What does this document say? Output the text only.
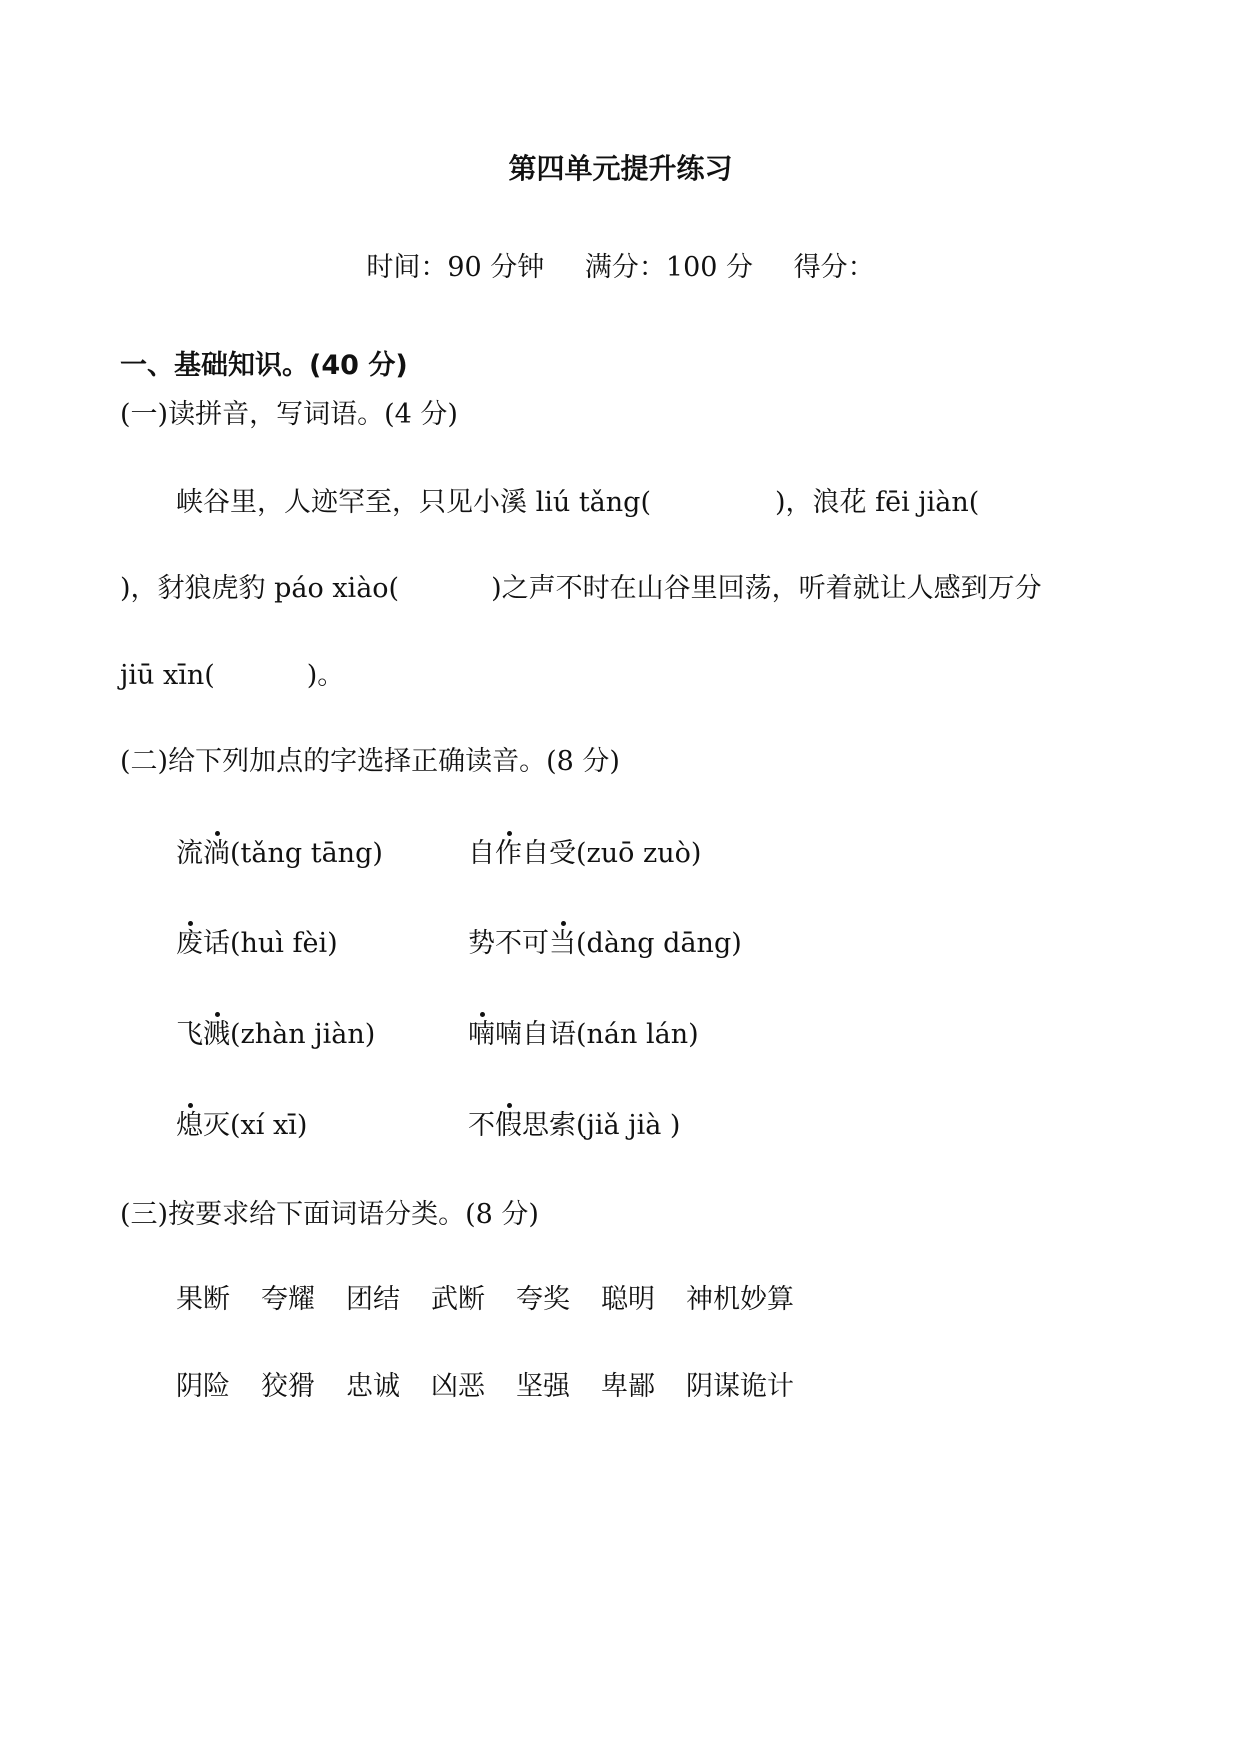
第四单元提升练习
时间：90 分钟 满分：100 分 得分：
一、基础知识。(40 分)
(一)读拼音，写词语。(4 分)
峡谷里，人迹罕至，只见小溪 liú tǎng(	)，浪花 fēi jiàn(
)，豺狼虎豹 páo xiào(	)之声不时在山谷里回荡，听着就让人感到万分
jiū xīn(	)。
(二)给下列加点的字选择正确读音。(8 分)
流淌(tǎng tāng)	自作自受(zuō zuò)
废话(huì fèi)	势不可当(dàng dāng)
飞溅(zhàn jiàn)	喃喃自语(nán lán)
熄灭(xí xī)	不假思索(jiǎ jià )
(三)按要求给下面词语分类。(8 分)
果断 夸耀 团结 武断 夸奖 聪明 神机妙算
阴险 狡猾 忠诚 凶恶 坚强 卑鄙 阴谋诡计
